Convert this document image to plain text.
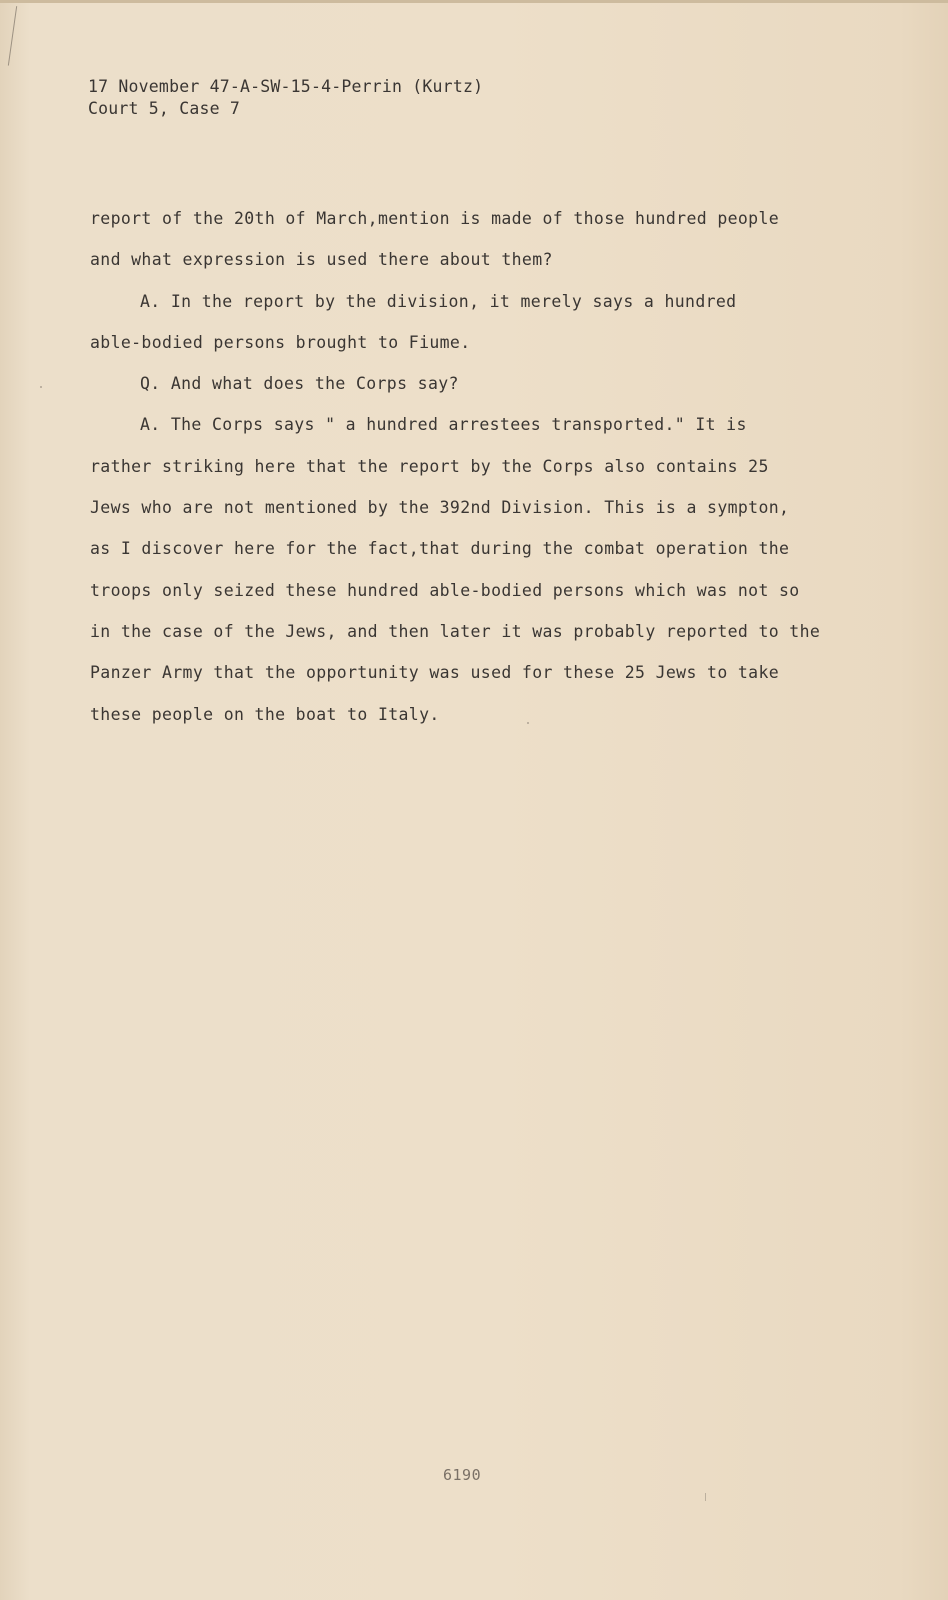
17 November 47-A-SW-15-4-Perrin (Kurtz)
Court 5, Case 7
report of the 20th of March,mention is made of those hundred people
and what expression is used there about them?
A. In the report by the division, it merely says a hundred
able-bodied persons brought to Fiume.
Q. And what does the Corps say?
A. The Corps says " a hundred arrestees transported." It is
rather striking here that the report by the Corps also contains 25
Jews who are not mentioned by the 392nd Division. This is a sympton,
as I discover here for the fact,that during the combat operation the
troops only seized these hundred able-bodied persons which was not so
in the case of the Jews, and then later it was probably reported to the
Panzer Army that the opportunity was used for these 25 Jews to take
these people on the boat to Italy.
6190
